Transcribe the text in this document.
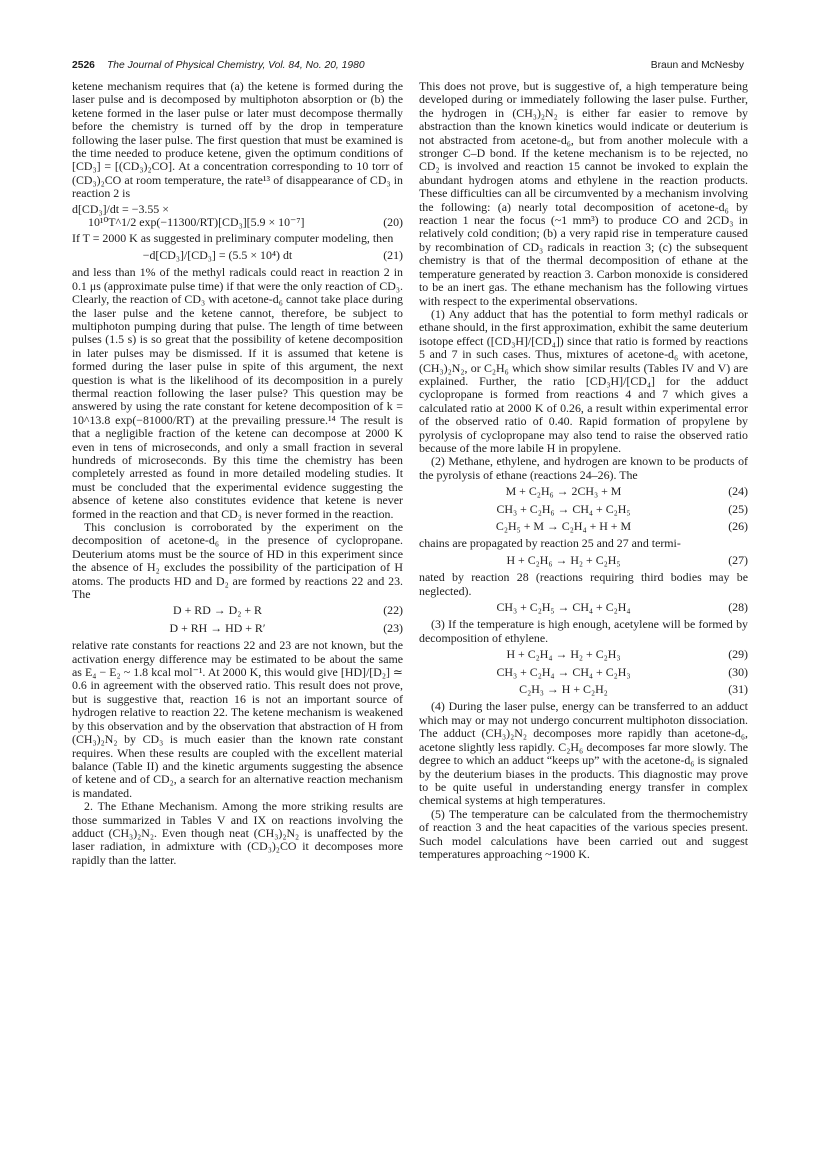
2526 The Journal of Physical Chemistry, Vol. 84, No. 20, 1980	Braun and McNesby

ketene mechanism requires that (a) the ketene is formed during the laser pulse and is decomposed by multiphoton absorption or (b) the ketene formed in the laser pulse or later must decompose thermally before the chemistry is turned off by the drop in temperature following the laser pulse. The first question that must be examined is the time needed to produce ketene, given the optimum conditions of [CD₃] = [(CD₃)₂CO]. At a concentration corresponding to 10 torr of (CD₃)₂CO at room temperature, the rate¹³ of disappearance of CD₃ in reaction 2 is

d[CD₃]/dt = −3.55 ×
10¹⁰T^1/2 exp(−11300/RT)[CD₃][5.9 × 10⁻⁷]	(20)

If T = 2000 K as suggested in preliminary computer modeling, then

−d[CD₃]/[CD₃] = (5.5 × 10⁴) dt	(21)

and less than 1% of the methyl radicals could react in reaction 2 in 0.1 μs (approximate pulse time) if that were the only reaction of CD₃. Clearly, the reaction of CD₃ with acetone-d₆ cannot take place during the laser pulse and the ketene cannot, therefore, be subject to multiphoton pumping during that pulse. The length of time between pulses (1.5 s) is so great that the possibility of ketene decomposition in later pulses may be dismissed. If it is assumed that ketene is formed during the laser pulse in spite of this argument, the next question is what is the likelihood of its decomposition in a purely thermal reaction following the laser pulse? This question may be answered by using the rate constant for ketene decomposition of k = 10^13.8 exp(−81000/RT) at the prevailing pressure.¹⁴ The result is that a negligible fraction of the ketene can decompose at 2000 K even in tens of microseconds, and only a small fraction in several hundreds of microseconds. By this time the chemistry has been completely arrested as found in more detailed modeling studies. It must be concluded that the experimental evidence suggesting the absence of ketene also constitutes evidence that ketene is never formed in the reaction and that CD₂ is never formed in the reaction.

This conclusion is corroborated by the experiment on the decomposition of acetone-d₆ in the presence of cyclopropane. Deuterium atoms must be the source of HD in this experiment since the absence of H₂ excludes the possibility of the participation of H atoms. The products HD and D₂ are formed by reactions 22 and 23. The

D + RD → D₂ + R	(22)
D + RH → HD + R′	(23)

relative rate constants for reactions 22 and 23 are not known, but the activation energy difference may be estimated to be about the same as E₄ − E₂ ~ 1.8 kcal mol⁻¹. At 2000 K, this would give [HD]/[D₂] ≃ 0.6 in agreement with the observed ratio. This result does not prove, but is suggestive that, reaction 16 is not an important source of hydrogen relative to reaction 22. The ketene mechanism is weakened by this observation and by the observation that abstraction of H from (CH₃)₂N₂ by CD₃ is much easier than the known rate constant requires. When these results are coupled with the excellent material balance (Table II) and the kinetic arguments suggesting the absence of ketene and of CD₂, a search for an alternative reaction mechanism is mandated.

2. The Ethane Mechanism. Among the more striking results are those summarized in Tables V and IX on reactions involving the adduct (CH₃)₂N₂. Even though neat (CH₃)₂N₂ is unaffected by the laser radiation, in admixture with (CD₃)₂CO it decomposes more rapidly than the latter.

This does not prove, but is suggestive of, a high temperature being developed during or immediately following the laser pulse. Further, the hydrogen in (CH₃)₂N₂ is either far easier to remove by abstraction than the known kinetics would indicate or deuterium is not abstracted from acetone-d₆, but from another molecule with a stronger C–D bond. If the ketene mechanism is to be rejected, no CD₂ is involved and reaction 15 cannot be invoked to explain the abundant hydrogen atoms and ethylene in the reaction products. These difficulties can all be circumvented by a mechanism involving the following: (a) nearly total decomposition of acetone-d₆ by reaction 1 near the focus (~1 mm³) to produce CO and 2CD₃ in relatively cold condition; (b) a very rapid rise in temperature caused by recombination of CD₃ radicals in reaction 3; (c) the subsequent chemistry is that of the thermal decomposition of ethane at the temperature generated by reaction 3. Carbon monoxide is considered to be an inert gas. The ethane mechanism has the following virtues with respect to the experimental observations.

(1) Any adduct that has the potential to form methyl radicals or ethane should, in the first approximation, exhibit the same deuterium isotope effect ([CD₃H]/[CD₄]) since that ratio is formed by reactions 5 and 7 in such cases. Thus, mixtures of acetone-d₆ with acetone, (CH₃)₂N₂, or C₂H₆ which show similar results (Tables IV and V) are explained. Further, the ratio [CD₃H]/[CD₄] for the adduct cyclopropane is formed from reactions 4 and 7 which gives a calculated ratio at 2000 K of 0.26, a result within experimental error of the observed ratio of 0.40. Rapid formation of propylene by pyrolysis of cyclopropane may also tend to raise the observed ratio because of the more labile H in propylene.

(2) Methane, ethylene, and hydrogen are known to be products of the pyrolysis of ethane (reactions 24–26). The

M + C₂H₆ → 2CH₃ + M	(24)
CH₃ + C₂H₆ → CH₄ + C₂H₅	(25)
C₂H₅ + M → C₂H₄ + H + M	(26)

chains are propagated by reaction 25 and 27 and termi-

H + C₂H₆ → H₂ + C₂H₅	(27)

nated by reaction 28 (reactions requiring third bodies may be neglected).

CH₃ + C₂H₅ → CH₄ + C₂H₄	(28)

(3) If the temperature is high enough, acetylene will be formed by decomposition of ethylene.

H + C₂H₄ → H₂ + C₂H₃	(29)
CH₃ + C₂H₄ → CH₄ + C₂H₃	(30)
C₂H₃ → H + C₂H₂	(31)

(4) During the laser pulse, energy can be transferred to an adduct which may or may not undergo concurrent multiphoton dissociation. The adduct (CH₃)₂N₂ decomposes more rapidly than acetone-d₆, acetone slightly less rapidly. C₂H₆ decomposes far more slowly. The degree to which an adduct “keeps up” with the acetone-d₆ is signaled by the deuterium biases in the products. This diagnostic may prove to be quite useful in understanding energy transfer in complex chemical systems at high temperatures.

(5) The temperature can be calculated from the thermochemistry of reaction 3 and the heat capacities of the various species present. Such model calculations have been carried out and suggest temperatures approaching ~1900 K.
